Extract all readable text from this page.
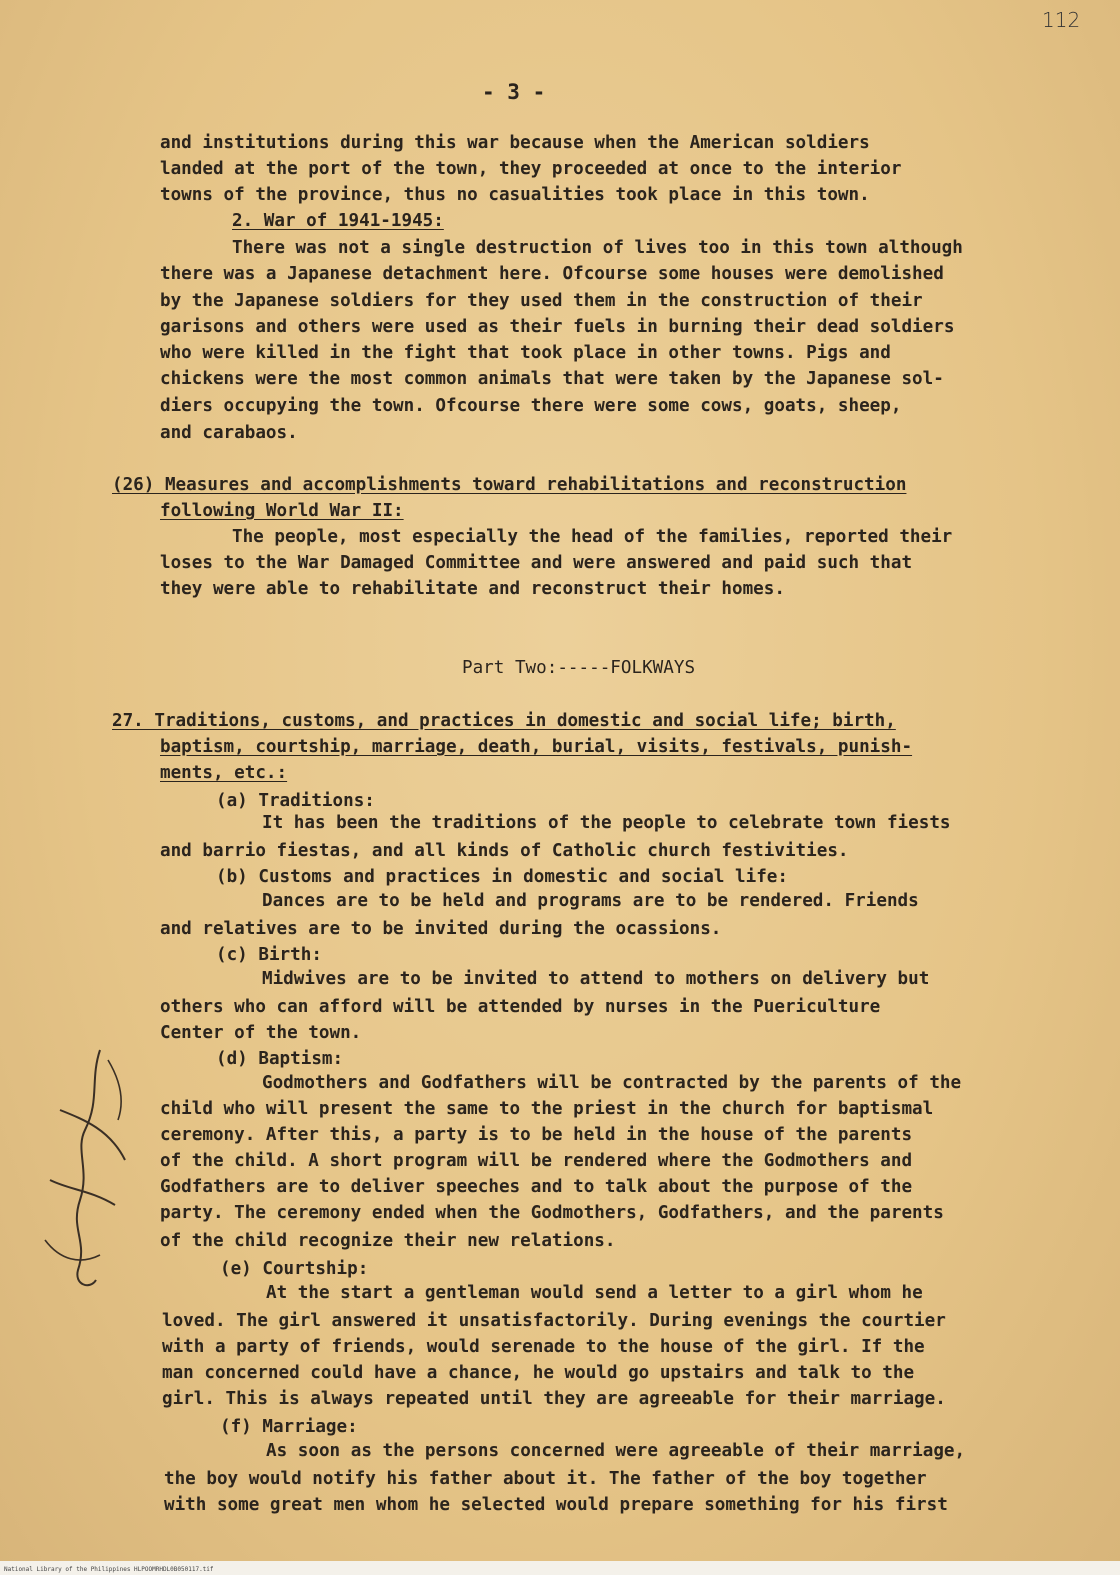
112
- 3 -
and institutions during this war because when the American soldiers
landed at the port of the town, they proceeded at once to the interior
towns of the province, thus no casualities took place in this town.
2. War of 1941-1945:
There was not a single destruction of lives too in this town although
there was a Japanese detachment here. Ofcourse some houses were demolished
by the Japanese soldiers for they used them in the construction of their
garisons and others were used as their fuels in burning their dead soldiers
who were killed in the fight that took place in other towns. Pigs and
chickens were the most common animals that were taken by the Japanese sol-
diers occupying the town. Ofcourse there were some cows, goats, sheep,
and carabaos.
(26) Measures and accomplishments toward rehabilitations and reconstruction
following World War II:
The people, most especially the head of the families, reported their
loses to the War Damaged Committee and were answered and paid such that
they were able to rehabilitate and reconstruct their homes.
Part Two:-----FOLKWAYS
27. Traditions, customs, and practices in domestic and social life; birth,
baptism, courtship, marriage, death, burial, visits, festivals, punish-
ments, etc.:
(a) Traditions:
It has been the traditions of the people to celebrate town fiests
and barrio fiestas, and all kinds of Catholic church festivities.
(b) Customs and practices in domestic and social life:
Dances are to be held and programs are to be rendered. Friends
and relatives are to be invited during the ocassions.
(c) Birth:
Midwives are to be invited to attend to mothers on delivery but
others who can afford will be attended by nurses in the Puericulture
Center of the town.
(d) Baptism:
Godmothers and Godfathers will be contracted by the parents of the
child who will present the same to the priest in the church for baptismal
ceremony. After this, a party is to be held in the house of the parents
of the child. A short program will be rendered where the Godmothers and
Godfathers are to deliver speeches and to talk about the purpose of the
party. The ceremony ended when the Godmothers, Godfathers, and the parents
of the child recognize their new relations.
(e) Courtship:
At the start a gentleman would send a letter to a girl whom he
loved. The girl answered it unsatisfactorily. During evenings the courtier
with a party of friends, would serenade to the house of the girl. If the
man concerned could have a chance, he would go upstairs and talk to the
girl. This is always repeated until they are agreeable for their marriage.
(f) Marriage:
As soon as the persons concerned were agreeable of their marriage,
the boy would notify his father about it. The father of the boy together
with some great men whom he selected would prepare something for his first
National Library of the Philippines HLPOOMRHDL0B050117.tif
